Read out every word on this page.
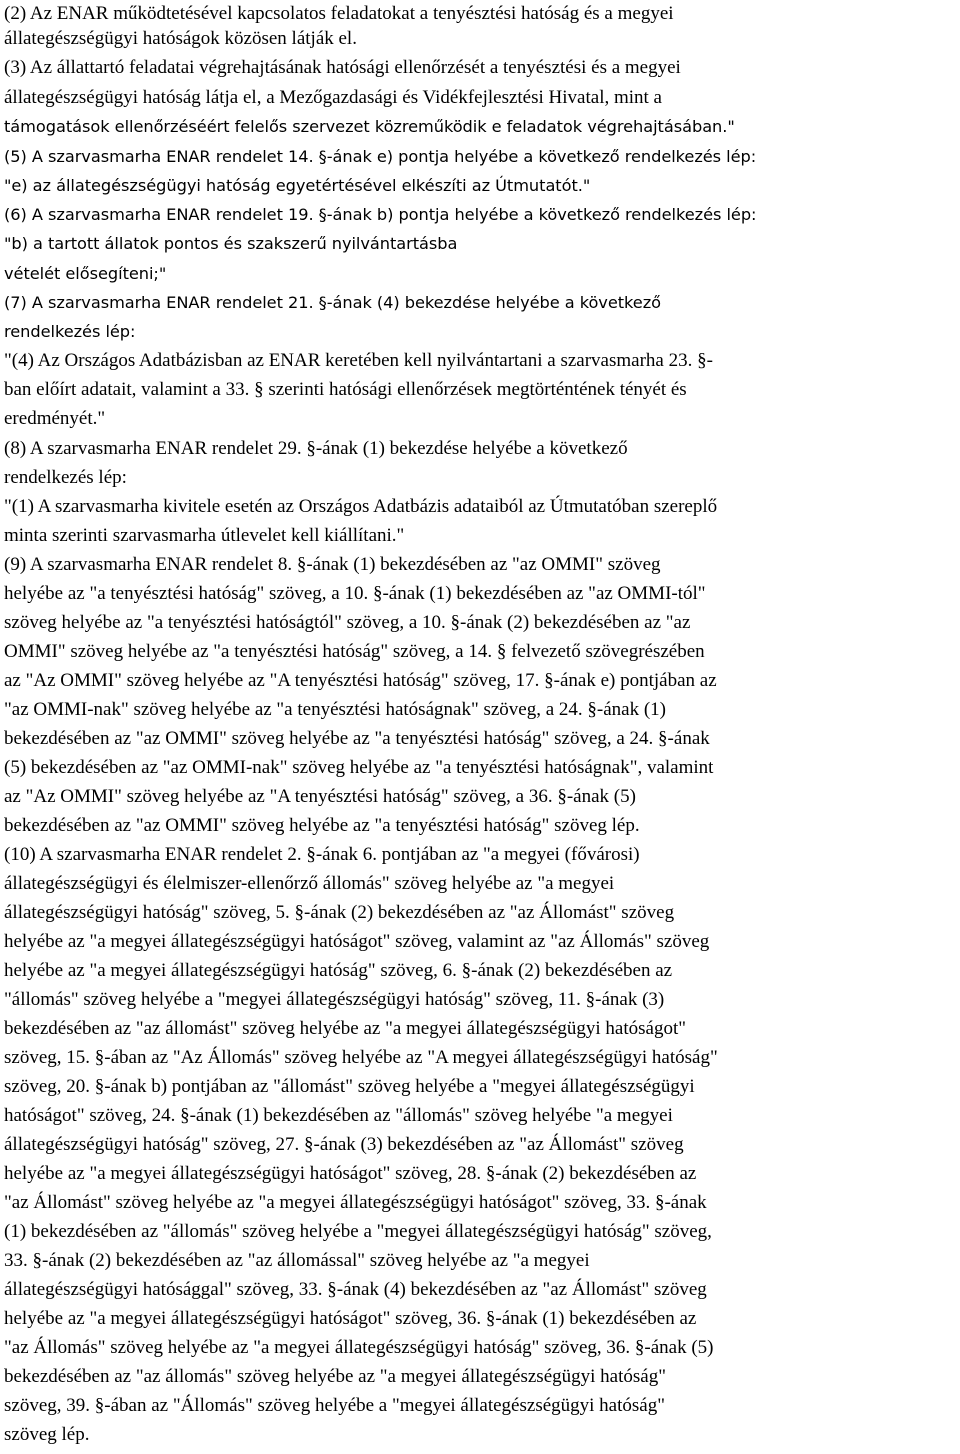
(2) Az ENAR működtetésével kapcsolatos feladatokat a tenyésztési hatóság és a megyei
állategészségügyi hatóságok közösen látják el.
(3) Az állattartó feladatai végrehajtásának hatósági ellenőrzését a tenyésztési és a megyei
állategészségügyi hatóság látja el, a Mezőgazdasági és Vidékfejlesztési Hivatal, mint a
támogatások ellenőrzéséért felelős szervezet közreműködik e feladatok végrehajtásában."
(5) A szarvasmarha ENAR rendelet 14. §-ának e) pontja helyébe a következő rendelkezés lép:
"e) az állategészségügyi hatóság egyetértésével elkészíti az Útmutatót."
(6) A szarvasmarha ENAR rendelet 19. §-ának b) pontja helyébe a következő rendelkezés lép:
"b) a tartott állatok pontos és szakszerű nyilvántartásba
vételét elősegíteni;"
(7) A szarvasmarha ENAR rendelet 21. §-ának (4) bekezdése helyébe a következő
rendelkezés lép:
"(4) Az Országos Adatbázisban az ENAR keretében kell nyilvántartani a szarvasmarha 23. §-
ban előírt adatait, valamint a 33. § szerinti hatósági ellenőrzések megtörténtének tényét és
eredményét."
(8) A szarvasmarha ENAR rendelet 29. §-ának (1) bekezdése helyébe a következő
rendelkezés lép:
"(1) A szarvasmarha kivitele esetén az Országos Adatbázis adataiból az Útmutatóban szereplő
minta szerinti szarvasmarha útlevelet kell kiállítani."
(9) A szarvasmarha ENAR rendelet 8. §-ának (1) bekezdésében az "az OMMI" szöveg
helyébe az "a tenyésztési hatóság" szöveg, a 10. §-ának (1) bekezdésében az "az OMMI-tól"
szöveg helyébe az "a tenyésztési hatóságtól" szöveg, a 10. §-ának (2) bekezdésében az "az
OMMI" szöveg helyébe az "a tenyésztési hatóság" szöveg, a 14. § felvezető szövegrészében
az "Az OMMI" szöveg helyébe az "A tenyésztési hatóság" szöveg, 17. §-ának e) pontjában az
"az OMMI-nak" szöveg helyébe az "a tenyésztési hatóságnak" szöveg, a 24. §-ának (1)
bekezdésében az "az OMMI" szöveg helyébe az "a tenyésztési hatóság" szöveg, a 24. §-ának
(5) bekezdésében az "az OMMI-nak" szöveg helyébe az "a tenyésztési hatóságnak", valamint
az "Az OMMI" szöveg helyébe az "A tenyésztési hatóság" szöveg, a 36. §-ának (5)
bekezdésében az "az OMMI" szöveg helyébe az "a tenyésztési hatóság" szöveg lép.
(10) A szarvasmarha ENAR rendelet 2. §-ának 6. pontjában az "a megyei (fővárosi)
állategészségügyi és élelmiszer-ellenőrző állomás" szöveg helyébe az "a megyei
állategészségügyi hatóság" szöveg, 5. §-ának (2) bekezdésében az "az Állomást" szöveg
helyébe az "a megyei állategészségügyi hatóságot" szöveg, valamint az "az Állomás" szöveg
helyébe az "a megyei állategészségügyi hatóság" szöveg, 6. §-ának (2) bekezdésében az
"állomás" szöveg helyébe a "megyei állategészségügyi hatóság" szöveg, 11. §-ának (3)
bekezdésében az "az állomást" szöveg helyébe az "a megyei állategészségügyi hatóságot"
szöveg, 15. §-ában az "Az Állomás" szöveg helyébe az "A megyei állategészségügyi hatóság"
szöveg, 20. §-ának b) pontjában az "állomást" szöveg helyébe a "megyei állategészségügyi
hatóságot" szöveg, 24. §-ának (1) bekezdésében az "állomás" szöveg helyébe "a megyei
állategészségügyi hatóság" szöveg, 27. §-ának (3) bekezdésében az "az Állomást" szöveg
helyébe az "a megyei állategészségügyi hatóságot" szöveg, 28. §-ának (2) bekezdésében az
"az Állomást" szöveg helyébe az "a megyei állategészségügyi hatóságot" szöveg, 33. §-ának
(1) bekezdésében az "állomás" szöveg helyébe a "megyei állategészségügyi hatóság" szöveg,
33. §-ának (2) bekezdésében az "az állomással" szöveg helyébe az "a megyei
állategészségügyi hatósággal" szöveg, 33. §-ának (4) bekezdésében az "az Állomást" szöveg
helyébe az "a megyei állategészségügyi hatóságot" szöveg, 36. §-ának (1) bekezdésében az
"az Állomás" szöveg helyébe az "a megyei állategészségügyi hatóság" szöveg, 36. §-ának (5)
bekezdésében az "az állomás" szöveg helyébe az "a megyei állategészségügyi hatóság"
szöveg, 39. §-ában az "Állomás" szöveg helyébe a "megyei állategészségügyi hatóság"
szöveg lép.
